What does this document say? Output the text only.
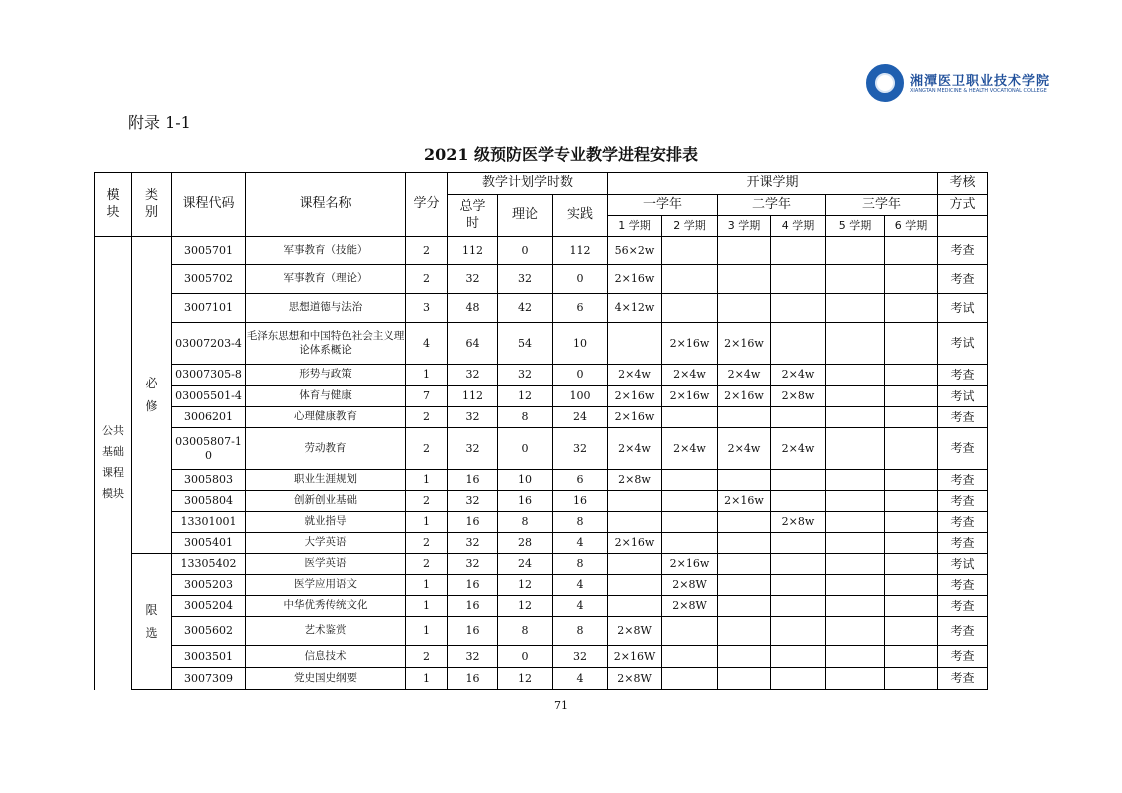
湘潭医卫职业技术学院
XIANGTAN MEDICINE & HEALTH VOCATIONAL COLLEGE
附录 1-1
2021 级预防医学专业教学进程安排表
模
块	类
别	课程代码	课程名称	学分	教学计划学时数			开课学期						考核
					总学
时	理论	实践	一学年		二学年		三学年		方式
								1 学期	2 学期	3 学期	4 学期	5 学期	6 学期	
公共
基础
课程
模块	必
修	3005701	军事教育（技能）	2	112	0	112	56×2w						考查
		3005702	军事教育（理论）	2	32	32	0	2×16w						考查
		3007101	思想道德与法治	3	48	42	6	4×12w						考试
		03007203-4	毛泽东思想和中国特色社会主义理论体系概论	4	64	54	10		2×16w	2×16w				考试
		03007305-8	形势与政策	1	32	32	0	2×4w	2×4w	2×4w	2×4w			考查
		03005501-4	体育与健康	7	112	12	100	2×16w	2×16w	2×16w	2×8w			考试
		3006201	心理健康教育	2	32	8	24	2×16w						考查
		03005807-10	劳动教育	2	32	0	32	2×4w	2×4w	2×4w	2×4w			考查
		3005803	职业生涯规划	1	16	10	6	2×8w						考查
		3005804	创新创业基础	2	32	16	16			2×16w				考查
		13301001	就业指导	1	16	8	8				2×8w			考查
		3005401	大学英语	2	32	28	4	2×16w						考查
	限
选	13305402	医学英语	2	32	24	8		2×16w					考试
		3005203	医学应用语文	1	16	12	4		2×8W					考查
		3005204	中华优秀传统文化	1	16	12	4		2×8W					考查
		3005602	艺术鉴赏	1	16	8	8	2×8W						考查
		3003501	信息技术	2	32	0	32	2×16W						考查
		3007309	党史国史纲要	1	16	12	4	2×8W						考查
71
